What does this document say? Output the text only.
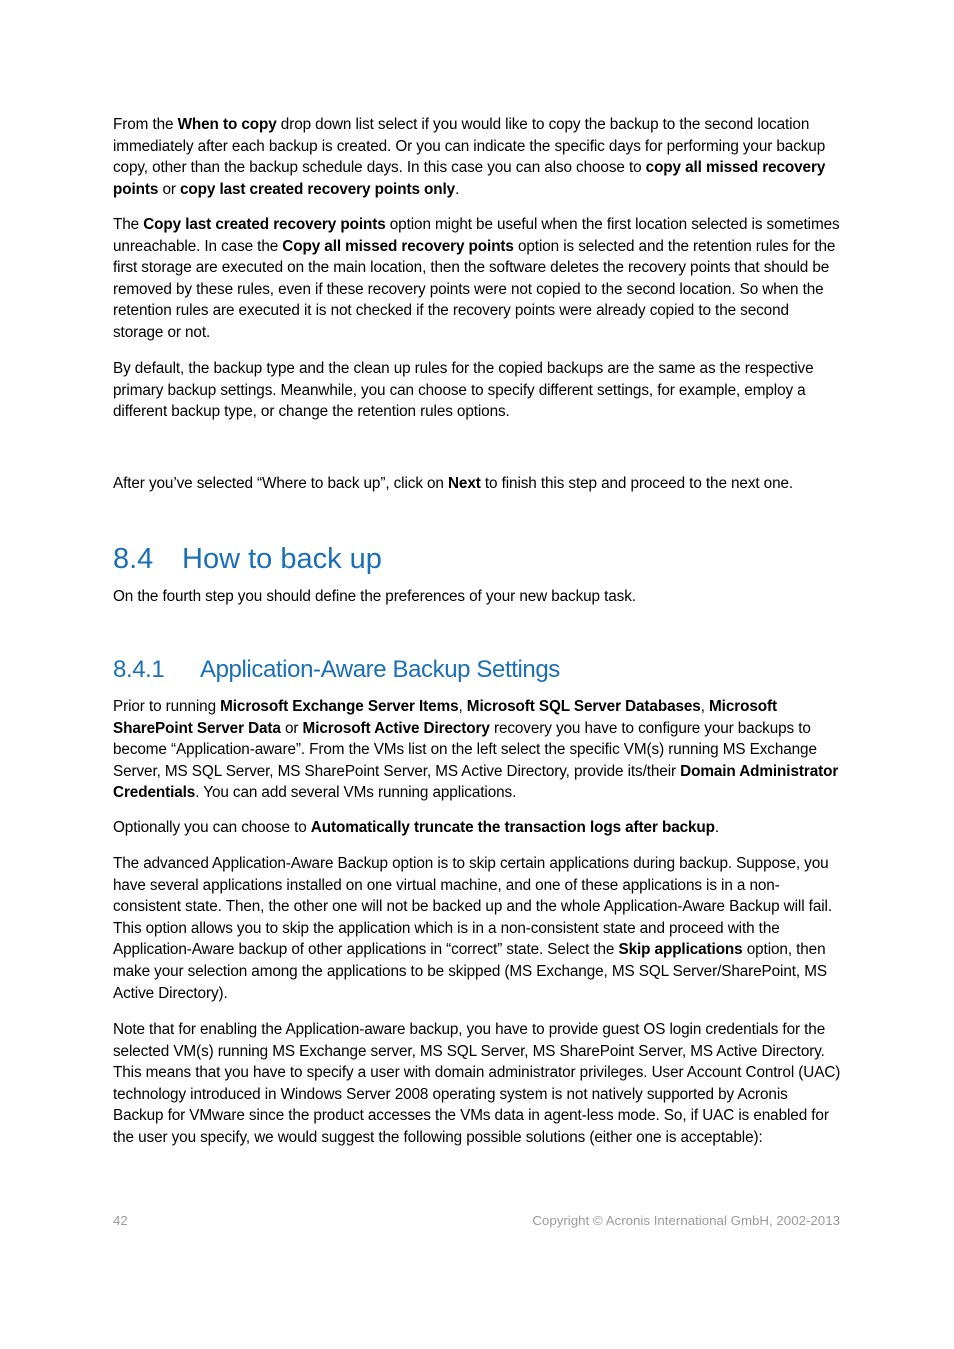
From the When to copy drop down list select if you would like to copy the backup to the second location immediately after each backup is created. Or you can indicate the specific days for performing your backup copy, other than the backup schedule days. In this case you can also choose to copy all missed recovery points or copy last created recovery points only.

The Copy last created recovery points option might be useful when the first location selected is sometimes unreachable. In case the Copy all missed recovery points option is selected and the retention rules for the first storage are executed on the main location, then the software deletes the recovery points that should be removed by these rules, even if these recovery points were not copied to the second location. So when the retention rules are executed it is not checked if the recovery points were already copied to the second storage or not.

By default, the backup type and the clean up rules for the copied backups are the same as the respective primary backup settings. Meanwhile, you can choose to specify different settings, for example, employ a different backup type, or change the retention rules options.

After you’ve selected “Where to back up”, click on Next to finish this step and proceed to the next one.

8.4 How to back up

On the fourth step you should define the preferences of your new backup task.

8.4.1 Application-Aware Backup Settings

Prior to running Microsoft Exchange Server Items, Microsoft SQL Server Databases, Microsoft SharePoint Server Data or Microsoft Active Directory recovery you have to configure your backups to become “Application-aware”. From the VMs list on the left select the specific VM(s) running MS Exchange Server, MS SQL Server, MS SharePoint Server, MS Active Directory, provide its/their Domain Administrator Credentials. You can add several VMs running applications.

Optionally you can choose to Automatically truncate the transaction logs after backup.

The advanced Application-Aware Backup option is to skip certain applications during backup. Suppose, you have several applications installed on one virtual machine, and one of these applications is in a non-consistent state. Then, the other one will not be backed up and the whole Application-Aware Backup will fail. This option allows you to skip the application which is in a non-consistent state and proceed with the Application-Aware backup of other applications in “correct” state. Select the Skip applications option, then make your selection among the applications to be skipped (MS Exchange, MS SQL Server/SharePoint, MS Active Directory).

Note that for enabling the Application-aware backup, you have to provide guest OS login credentials for the selected VM(s) running MS Exchange server, MS SQL Server, MS SharePoint Server, MS Active Directory. This means that you have to specify a user with domain administrator privileges. User Account Control (UAC) technology introduced in Windows Server 2008 operating system is not natively supported by Acronis Backup for VMware since the product accesses the VMs data in agent-less mode. So, if UAC is enabled for the user you specify, we would suggest the following possible solutions (either one is acceptable):

42	Copyright © Acronis International GmbH, 2002-2013
